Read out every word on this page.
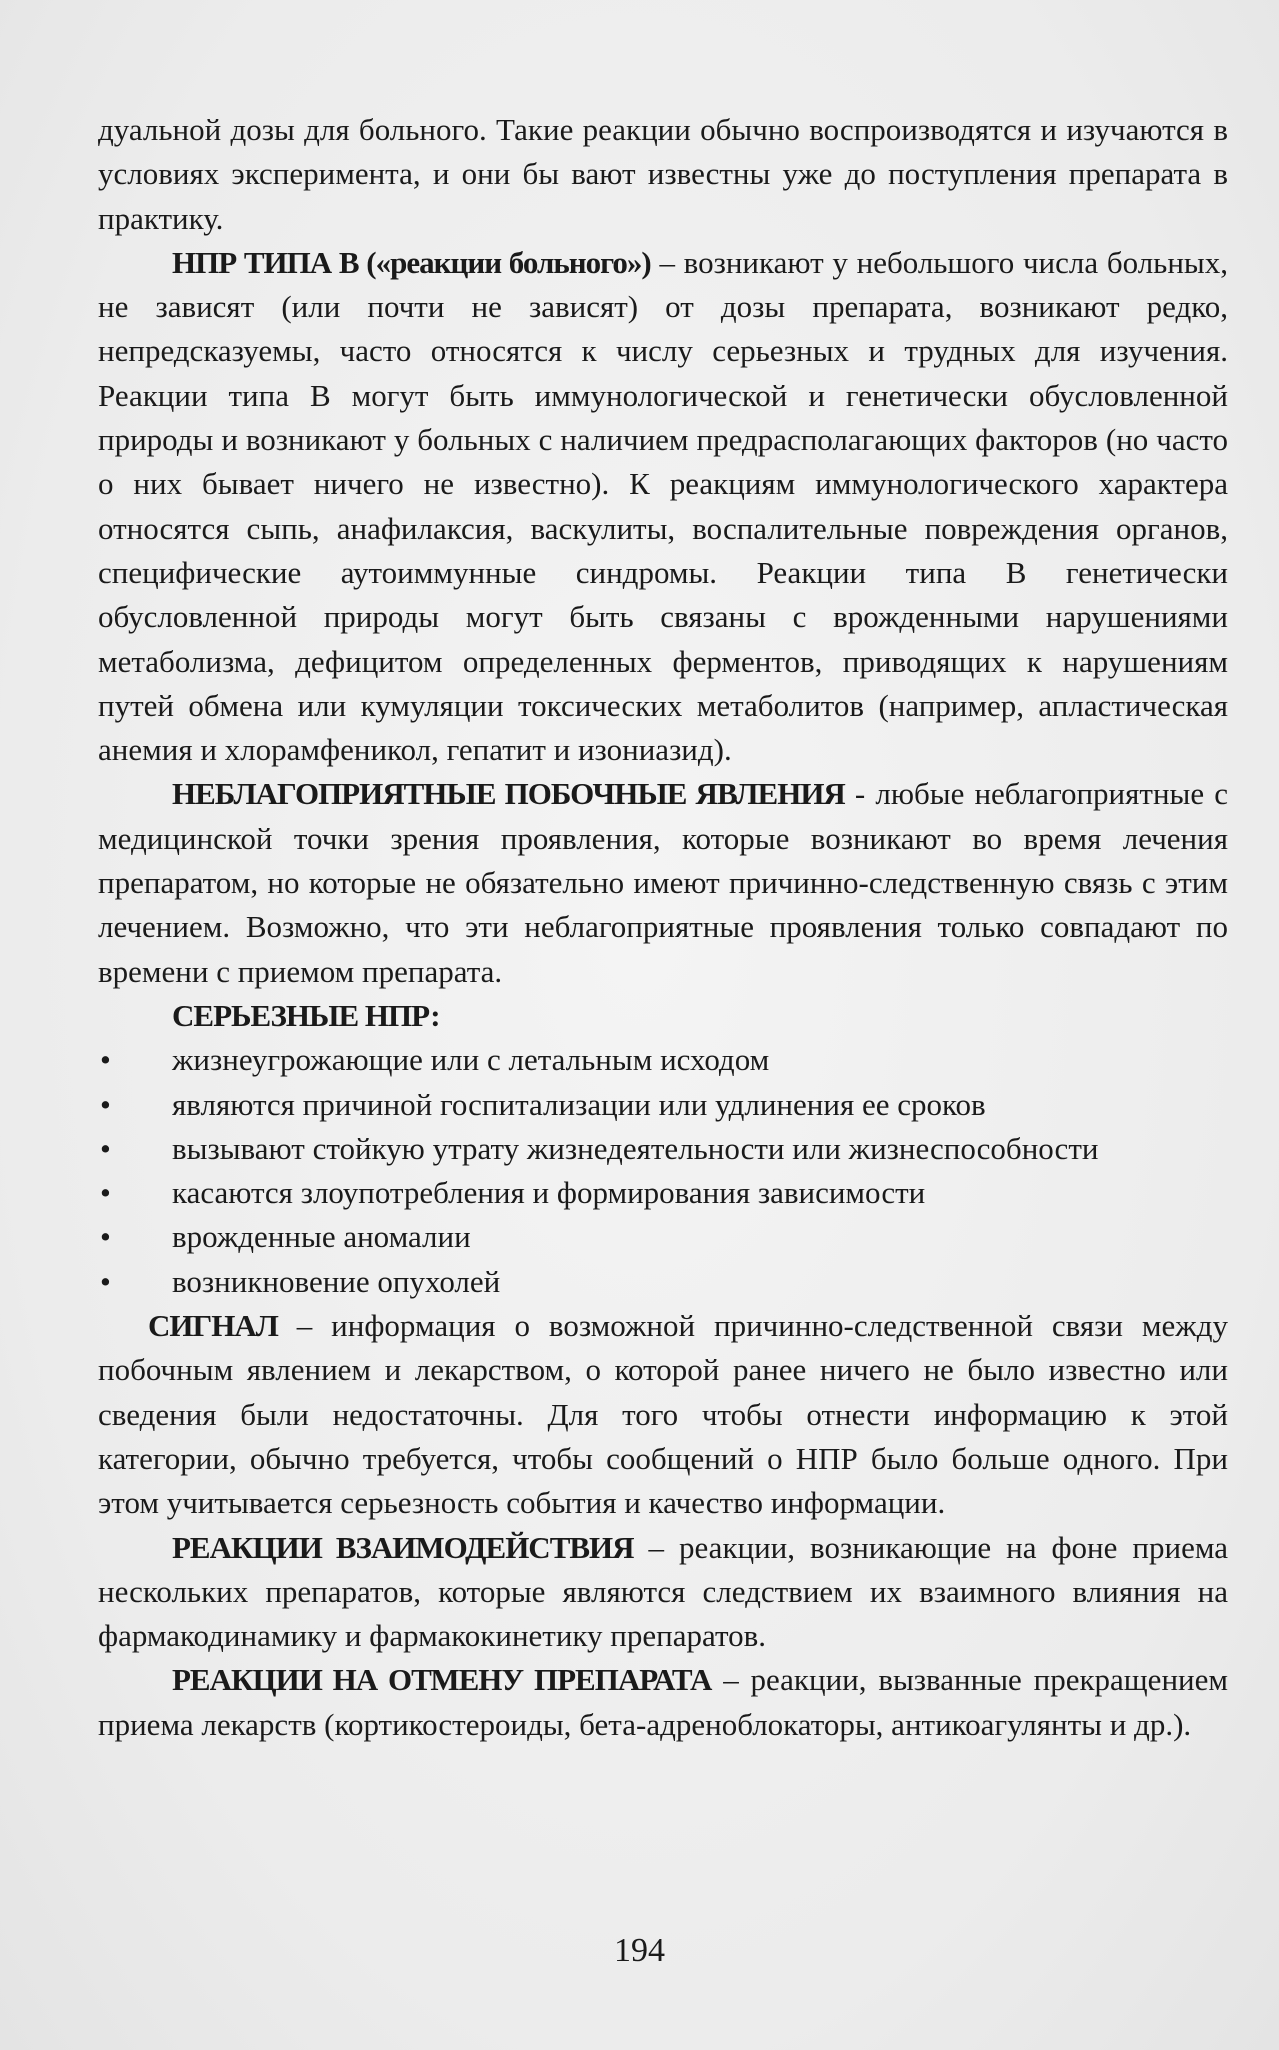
дуальной дозы для больного. Такие реакции обычно воспроизводятся и изучаются в условиях эксперимента, и они бы вают известны уже до поступления препарата в практику.

НПР ТИПА В («реакции больного») – возникают у небольшого числа больных, не зависят (или почти не зависят) от дозы препарата, возникают редко, непредсказуемы, часто относятся к числу серьезных и трудных для изучения. Реакции типа В могут быть иммунологической и генетически обусловленной природы и возникают у больных с наличием предрасполагающих факторов (но часто о них бывает ничего не известно). К реакциям иммунологического характера относятся сыпь, анафилаксия, васкулиты, воспалительные повреждения органов, специфические аутоиммунные синдромы. Реакции типа В генетически обусловленной природы могут быть связаны с врожденными нарушениями метаболизма, дефицитом определенных ферментов, приводящих к нарушениям путей обмена или кумуляции токсических метаболитов (например, апластическая анемия и хлорамфеникол, гепатит и изониазид).

НЕБЛАГОПРИЯТНЫЕ ПОБОЧНЫЕ ЯВЛЕНИЯ - любые неблагоприятные с медицинской точки зрения проявления, которые возникают во время лечения препаратом, но которые не обязательно имеют причинно-следственную связь с этим лечением. Возможно, что эти неблагоприятные проявления только совпадают по времени с приемом препарата.

СЕРЬЕЗНЫЕ НПР:

• жизнеугрожающие или с летальным исходом
• являются причиной госпитализации или удлинения ее сроков
• вызывают стойкую утрату жизнедеятельности или жизнеспособности
• касаются злоупотребления и формирования зависимости
• врожденные аномалии
• возникновение опухолей

СИГНАЛ – информация о возможной причинно-следственной связи между побочным явлением и лекарством, о которой ранее ничего не было известно или сведения были недостаточны. Для того чтобы отнести информацию к этой категории, обычно требуется, чтобы сообщений о НПР было больше одного. При этом учитывается серьезность события и качество информации.

РЕАКЦИИ ВЗАИМОДЕЙСТВИЯ – реакции, возникающие на фоне приема нескольких препаратов, которые являются следствием их взаимного влияния на фармакодинамику и фармакокинетику препаратов.

РЕАКЦИИ НА ОТМЕНУ ПРЕПАРАТА – реакции, вызванные прекращением приема лекарств (кортикостероиды, бета-адреноблокаторы, антикоагулянты и др.).

194
